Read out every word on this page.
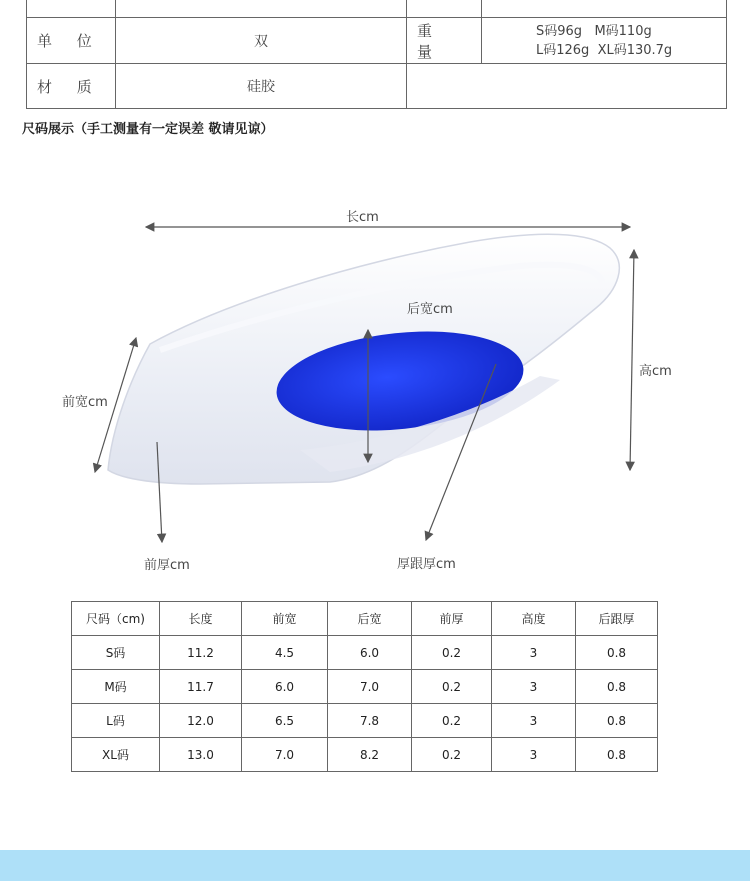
单 位	双	重 量	S码96g   M码110g
L码126g  XL码130.7g

材 质	硅胶		
尺码展示（手工测量有一定误差 敬请见谅）
长cm
后宽cm
高cm
前宽cm
前厚cm	厚跟厚cm
尺码（cm)	长度	前宽	后宽	前厚	高度	后跟厚
S码	11.2	4.5	6.0	0.2	3	0.8
M码	11.7	6.0	7.0	0.2	3	0.8
L码	12.0	6.5	7.8	0.2	3	0.8
XL码	13.0	7.0	8.2	0.2	3	0.8
